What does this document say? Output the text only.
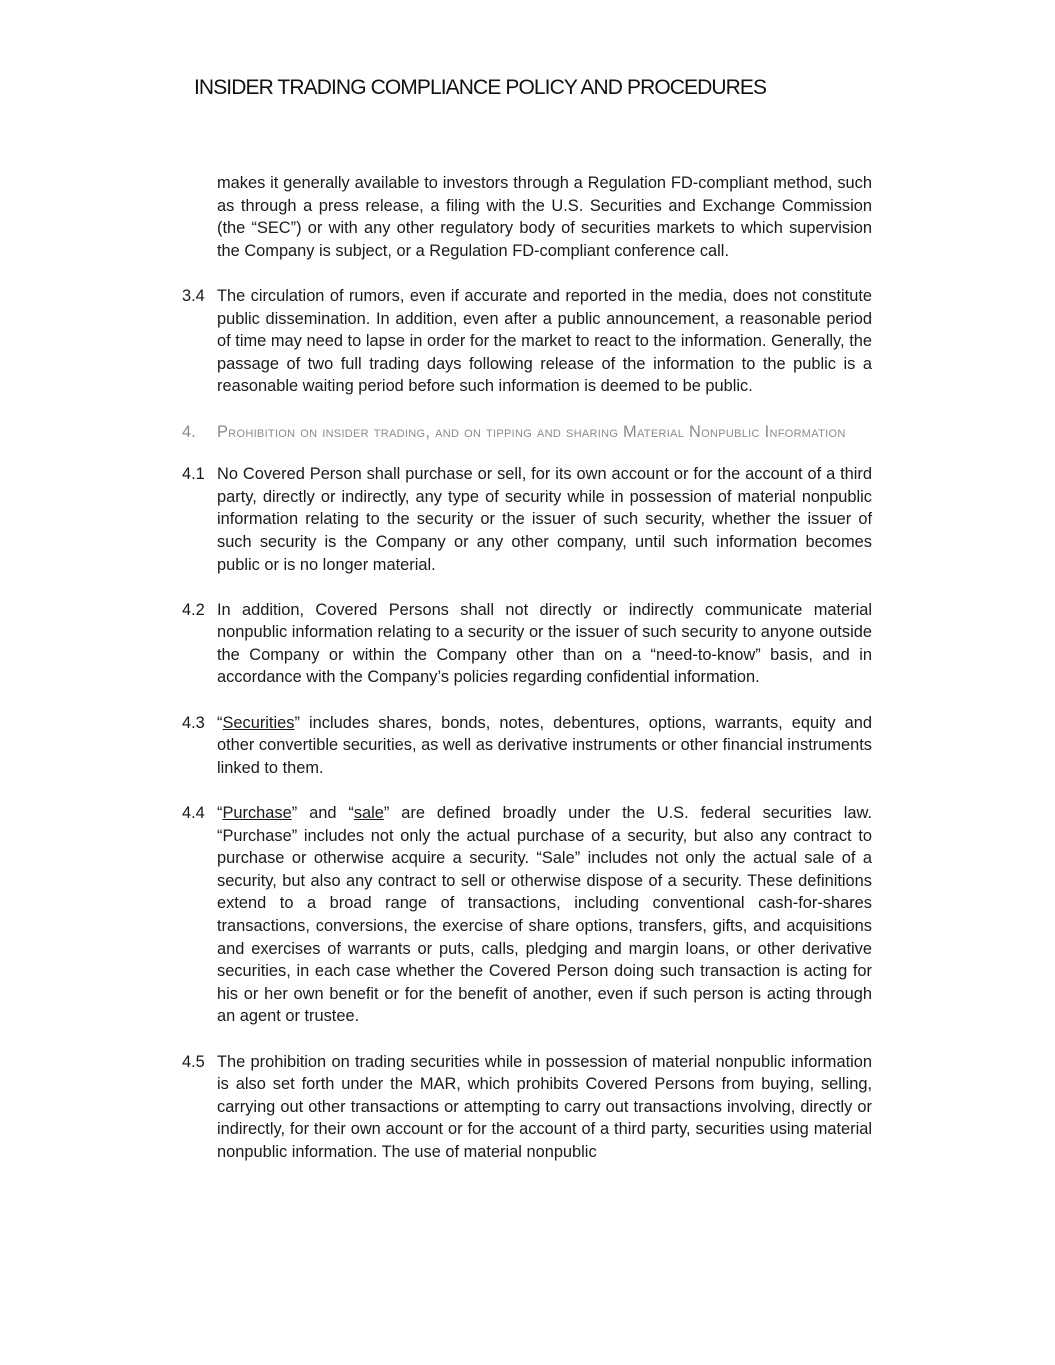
INSIDER TRADING COMPLIANCE POLICY AND PROCEDURES
makes it generally available to investors through a Regulation FD-compliant method, such as through a press release, a filing with the U.S. Securities and Exchange Commission (the “SEC”) or with any other regulatory body of securities markets to which supervision the Company is subject, or a Regulation FD-compliant conference call.
3.4 The circulation of rumors, even if accurate and reported in the media, does not constitute public dissemination. In addition, even after a public announcement, a reasonable period of time may need to lapse in order for the market to react to the information. Generally, the passage of two full trading days following release of the information to the public is a reasonable waiting period before such information is deemed to be public.
4.	Prohibition on insider trading, and on tipping and sharing Material Nonpublic Information
4.1 No Covered Person shall purchase or sell, for its own account or for the account of a third party, directly or indirectly, any type of security while in possession of material nonpublic information relating to the security or the issuer of such security, whether the issuer of such security is the Company or any other company, until such information becomes public or is no longer material.
4.2 In addition, Covered Persons shall not directly or indirectly communicate material nonpublic information relating to a security or the issuer of such security to anyone outside the Company or within the Company other than on a “need-to-know” basis, and in accordance with the Company’s policies regarding confidential information.
4.3 “Securities” includes shares, bonds, notes, debentures, options, warrants, equity and other convertible securities, as well as derivative instruments or other financial instruments linked to them.
4.4 “Purchase” and “sale” are defined broadly under the U.S. federal securities law. “Purchase” includes not only the actual purchase of a security, but also any contract to purchase or otherwise acquire a security. “Sale” includes not only the actual sale of a security, but also any contract to sell or otherwise dispose of a security. These definitions extend to a broad range of transactions, including conventional cash-for-shares transactions, conversions, the exercise of share options, transfers, gifts, and acquisitions and exercises of warrants or puts, calls, pledging and margin loans, or other derivative securities, in each case whether the Covered Person doing such transaction is acting for his or her own benefit or for the benefit of another, even if such person is acting through an agent or trustee.
4.5 The prohibition on trading securities while in possession of material nonpublic information is also set forth under the MAR, which prohibits Covered Persons from buying, selling, carrying out other transactions or attempting to carry out transactions involving, directly or indirectly, for their own account or for the account of a third party, securities using material nonpublic information. The use of material nonpublic
